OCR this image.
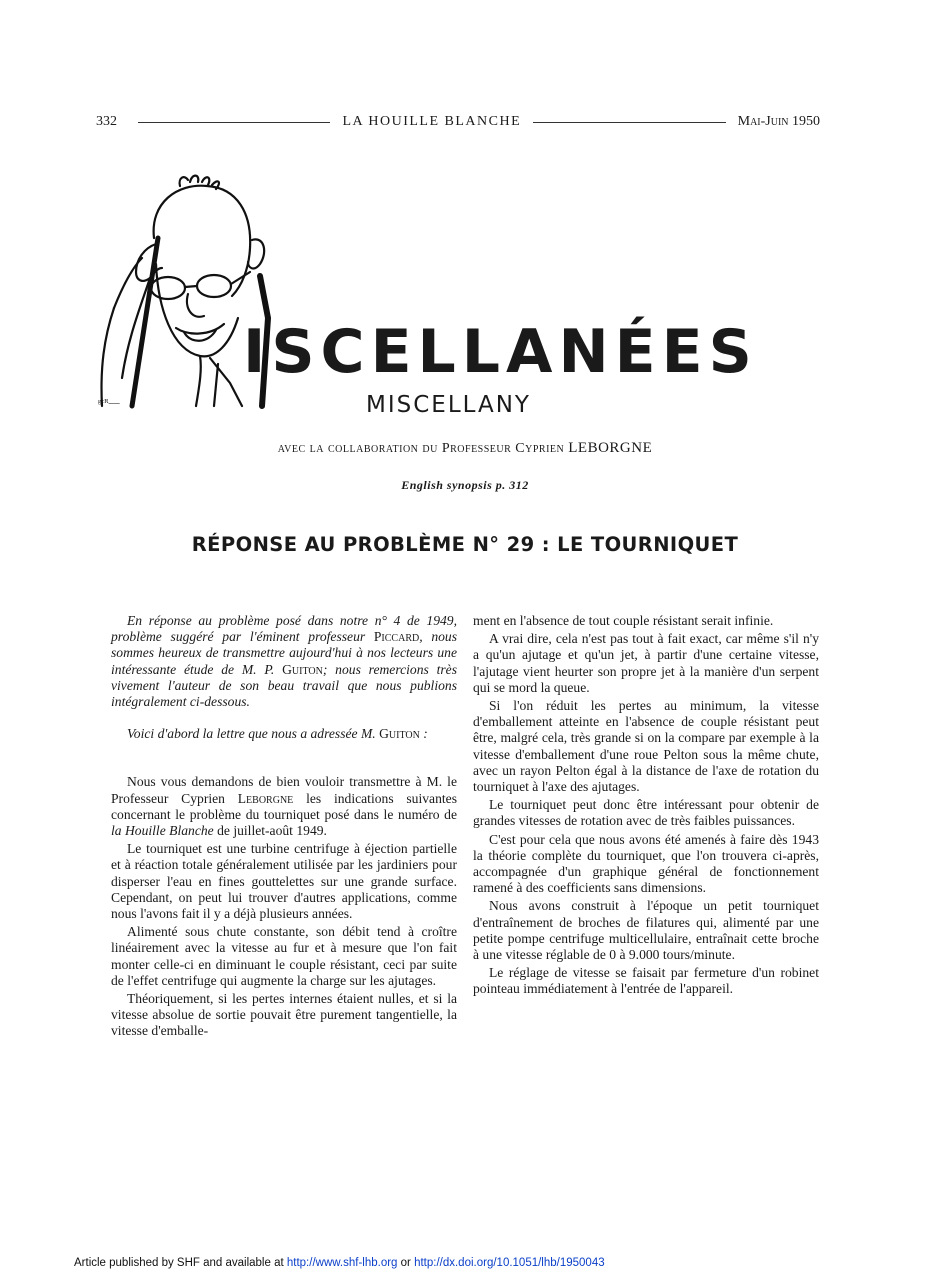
332	LA HOUILLE BLANCHE	Mai-Juin 1950
ᵍᶜᴿ—
ISCELLANÉES
MISCELLANY
avec la collaboration du Professeur Cyprien LEBORGNE
English synopsis p. 312
RÉPONSE AU PROBLÈME N° 29 : LE TOURNIQUET

En réponse au problème posé dans notre n° 4 de 1949, problème suggéré par l'éminent professeur Piccard, nous sommes heureux de transmettre aujourd'hui à nos lecteurs une intéressante étude de M. P. Guiton; nous remercions très vivement l'auteur de son beau travail que nous publions intégralement ci-dessous.

Voici d'abord la lettre que nous a adressée M. Guiton :

Nous vous demandons de bien vouloir transmettre à M. le Professeur Cyprien Leborgne les indications suivantes concernant le problème du tourniquet posé dans le numéro de la Houille Blanche de juillet-août 1949.

Le tourniquet est une turbine centrifuge à éjection partielle et à réaction totale généralement utilisée par les jardiniers pour disperser l'eau en fines gouttelettes sur une grande surface. Cependant, on peut lui trouver d'autres applications, comme nous l'avons fait il y a déjà plusieurs années.

Alimenté sous chute constante, son débit tend à croître linéairement avec la vitesse au fur et à mesure que l'on fait monter celle-ci en diminuant le couple résistant, ceci par suite de l'effet centrifuge qui augmente la charge sur les ajutages.

Théoriquement, si les pertes internes étaient nulles, et si la vitesse absolue de sortie pouvait être purement tangentielle, la vitesse d'emballe-

ment en l'absence de tout couple résistant serait infinie.

A vrai dire, cela n'est pas tout à fait exact, car même s'il n'y a qu'un ajutage et qu'un jet, à partir d'une certaine vitesse, l'ajutage vient heurter son propre jet à la manière d'un serpent qui se mord la queue.

Si l'on réduit les pertes au minimum, la vitesse d'emballement atteinte en l'absence de couple résistant peut être, malgré cela, très grande si on la compare par exemple à la vitesse d'emballement d'une roue Pelton sous la même chute, avec un rayon Pelton égal à la distance de l'axe de rotation du tourniquet à l'axe des ajutages.

Le tourniquet peut donc être intéressant pour obtenir de grandes vitesses de rotation avec de très faibles puissances.

C'est pour cela que nous avons été amenés à faire dès 1943 la théorie complète du tourniquet, que l'on trouvera ci-après, accompagnée d'un graphique général de fonctionnement ramené à des coefficients sans dimensions.

Nous avons construit à l'époque un petit tourniquet d'entraînement de broches de filatures qui, alimenté par une petite pompe centrifuge multicellulaire, entraînait cette broche à une vitesse réglable de 0 à 9.000 tours/minute.

Le réglage de vitesse se faisait par fermeture d'un robinet pointeau immédiatement à l'entrée de l'appareil.

Article published by SHF and available at http://www.shf-lhb.org or http://dx.doi.org/10.1051/lhb/1950043
